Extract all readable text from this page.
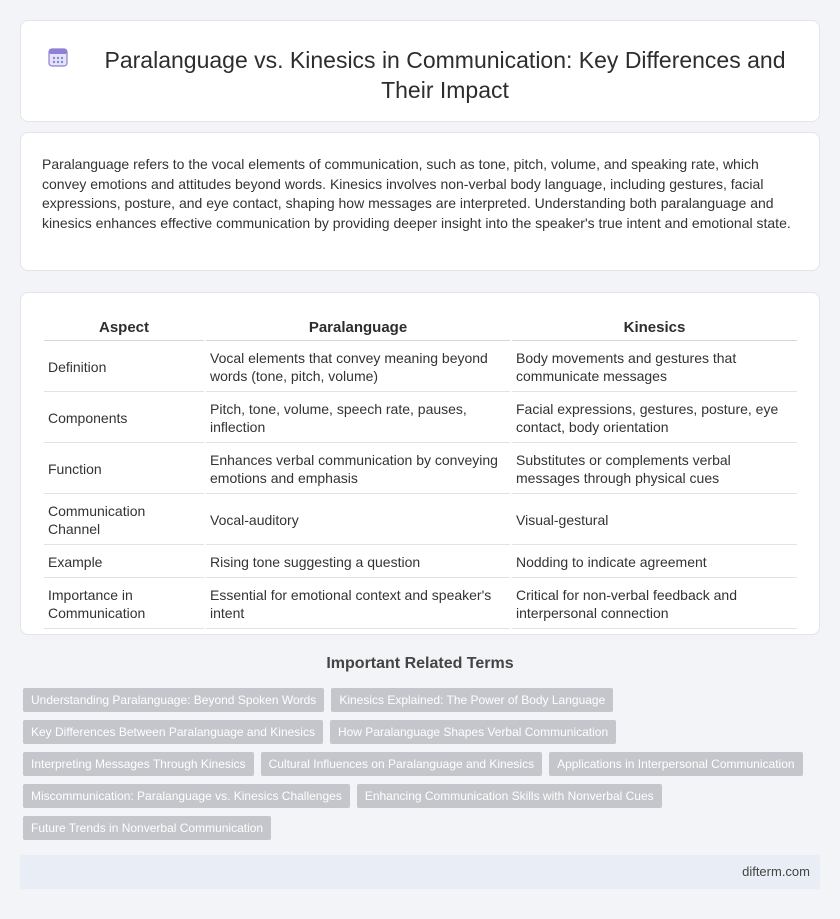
Paralanguage vs. Kinesics in Communication: Key Differences and Their Impact

Paralanguage refers to the vocal elements of communication, such as tone, pitch, volume, and speaking rate, which convey emotions and attitudes beyond words. Kinesics involves non-verbal body language, including gestures, facial expressions, posture, and eye contact, shaping how messages are interpreted. Understanding both paralanguage and kinesics enhances effective communication by providing deeper insight into the speaker's true intent and emotional state.

Aspect	Paralanguage	Kinesics
Definition	Vocal elements that convey meaning beyond words (tone, pitch, volume)	Body movements and gestures that communicate messages
Components	Pitch, tone, volume, speech rate, pauses, inflection	Facial expressions, gestures, posture, eye contact, body orientation
Function	Enhances verbal communication by conveying emotions and emphasis	Substitutes or complements verbal messages through physical cues
Communication Channel	Vocal-auditory	Visual-gestural
Example	Rising tone suggesting a question	Nodding to indicate agreement
Importance in Communication	Essential for emotional context and speaker's intent	Critical for non-verbal feedback and interpersonal connection
Important Related Terms
Understanding Paralanguage: Beyond Spoken Words	Kinesics Explained: The Power of Body Language
Key Differences Between Paralanguage and Kinesics	How Paralanguage Shapes Verbal Communication
Interpreting Messages Through Kinesics	Cultural Influences on Paralanguage and Kinesics	Applications in Interpersonal Communication
Miscommunication: Paralanguage vs. Kinesics Challenges	Enhancing Communication Skills with Nonverbal Cues
Future Trends in Nonverbal Communication
difterm.com
